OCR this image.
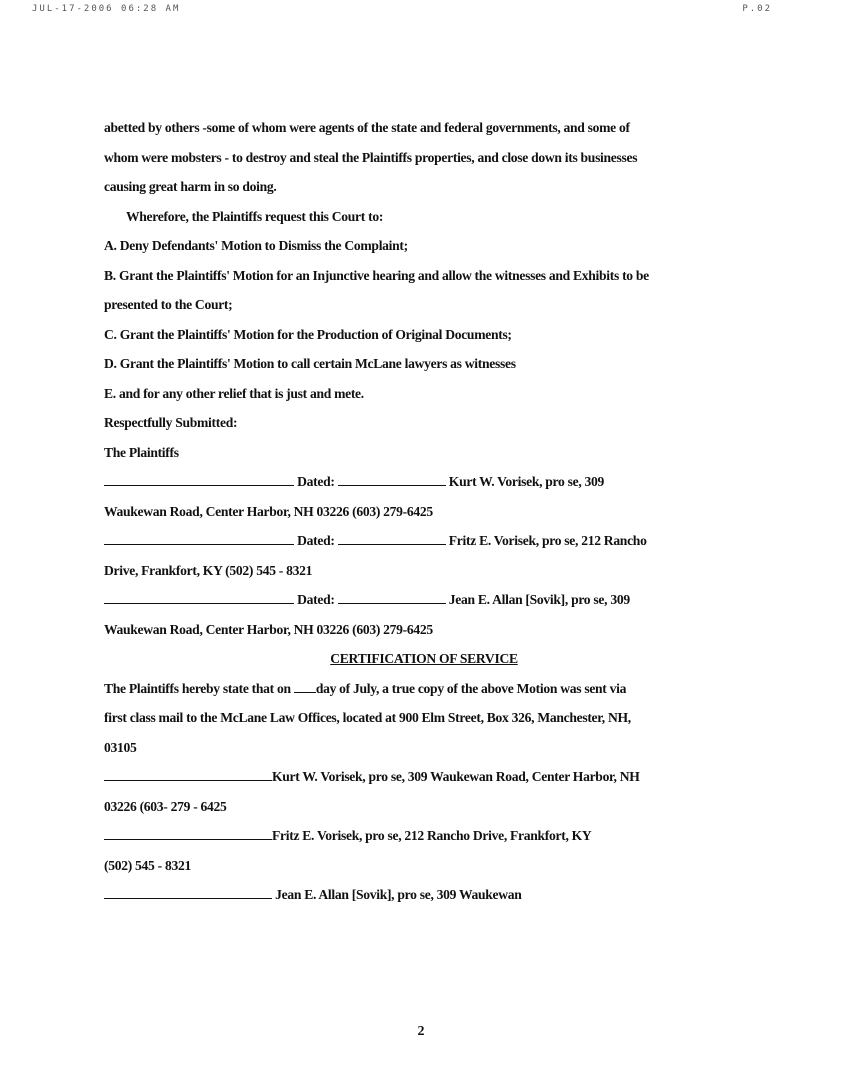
JUL-17-2006 06:28 AM	P.02
abetted by others -some of whom were agents of the state and federal governments, and some of
whom were mobsters - to destroy and steal the Plaintiffs properties, and close down its businesses
causing great harm in so doing.
Wherefore, the Plaintiffs request this Court to:
A. Deny Defendants' Motion to Dismiss the Complaint;
B. Grant the Plaintiffs' Motion for an Injunctive hearing and allow the witnesses and Exhibits to be
presented to the Court;
C. Grant the Plaintiffs' Motion for the Production of Original Documents;
D. Grant the Plaintiffs' Motion to call certain McLane lawyers as witnesses
E. and for any other relief that is just and mete.
Respectfully Submitted:
The Plaintiffs
Dated:	Kurt W. Vorisek, pro se, 309
Waukewan Road, Center Harbor, NH 03226 (603) 279-6425
Dated:	Fritz E. Vorisek, pro se, 212 Rancho
Drive, Frankfort, KY (502) 545 - 8321
Dated:	Jean E. Allan [Sovik], pro se, 309
Waukewan Road, Center Harbor, NH 03226 (603) 279-6425
CERTIFICATION OF SERVICE
The Plaintiffs hereby state that on day of July, a true copy of the above Motion was sent via
first class mail to the McLane Law Offices, located at 900 Elm Street, Box 326, Manchester, NH,
03105
Kurt W. Vorisek, pro se, 309 Waukewan Road, Center Harbor, NH
03226 (603- 279 - 6425
Fritz E. Vorisek, pro se, 212 Rancho Drive, Frankfort, KY
(502) 545 - 8321
Jean E. Allan [Sovik], pro se, 309 Waukewan
2
